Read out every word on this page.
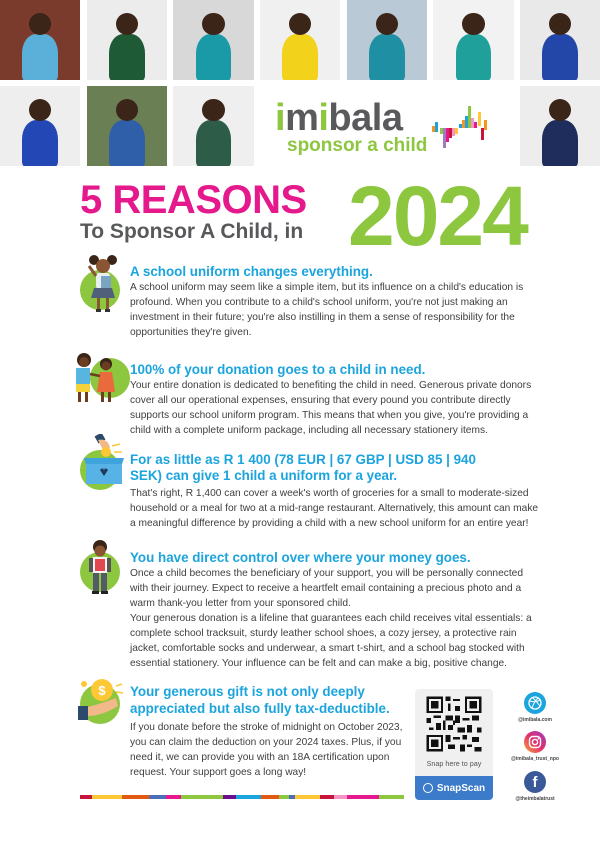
imibala
sponsor a child
5 REASONS
To Sponsor A Child, in 2024
A school uniform changes everything.
A school uniform may seem like a simple item, but its influence on a child's education is profound. When you contribute to a child's school uniform, you're not just making an investment in their future; you're also instilling in them a sense of responsibility for the opportunities they're given.
100% of your donation goes to a child in need.
Your entire donation is dedicated to benefiting the child in need. Generous private donors cover all our operational expenses, ensuring that every pound you contribute directly supports our school uniform program. This means that when you give, you're providing a child with a complete uniform package, including all necessary stationery items.
For as little as R 1 400 (78 EUR | 67 GBP | USD 85 | 940 SEK) can give 1 child a uniform for a year.
That's right, R 1,400 can cover a week's worth of groceries for a small to moderate-sized household or a meal for two at a mid-range restaurant. Alternatively, this amount can make a meaningful difference by providing a child with a new school uniform for an entire year!
You have direct control over where your money goes.
Once a child becomes the beneficiary of your support, you will be personally connected with their journey. Expect to receive a heartfelt email containing a precious photo and a warm thank-you letter from your sponsored child.
Your generous donation is a lifeline that guarantees each child receives vital essentials: a complete school tracksuit, sturdy leather school shoes, a cozy jersey, a protective rain jacket, comfortable socks and underwear, a smart t-shirt, and a school bag stocked with essential stationery. Your influence can be felt and can make a big, positive change.
$ Your generous gift is not only deeply appreciated but also fully tax-deductible.
If you donate before the stroke of midnight on October 2023, you can claim the deduction on your 2024 taxes. Plus, if you need it, we can provide you with an 18A certification upon request. Your support goes a long way!
Snap here to pay
SnapScan
@imibala.com
@imibala_trust_npo
f
@theimbalatrust
